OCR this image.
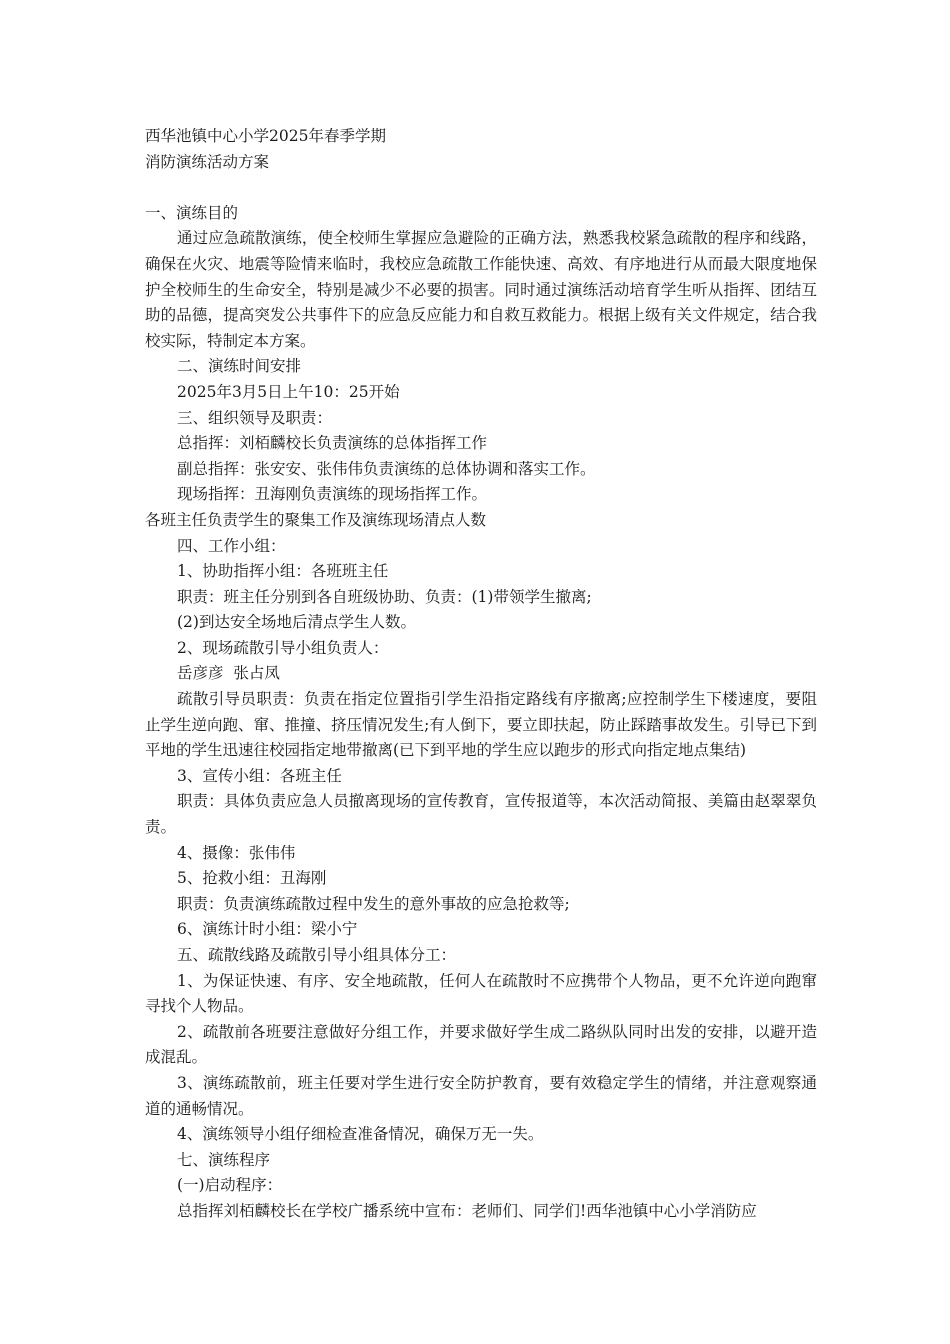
西华池镇中心小学2025年春季学期

消防演练活动方案

一、演练目的

通过应急疏散演练，使全校师生掌握应急避险的正确方法，熟悉我校紧急疏散的程序和线路，确保在火灾、地震等险情来临时，我校应急疏散工作能快速、高效、有序地进行从而最大限度地保护全校师生的生命安全，特别是减少不必要的损害。同时通过演练活动培育学生听从指挥、团结互助的品德，提高突发公共事件下的应急反应能力和自救互救能力。根据上级有关文件规定，结合我校实际，特制定本方案。

二、演练时间安排

2025年3月5日上午10：25开始

三、组织领导及职责：

总指挥：刘栢麟校长负责演练的总体指挥工作

副总指挥：张安安、张伟伟负责演练的总体协调和落实工作。

现场指挥：丑海刚负责演练的现场指挥工作。

各班主任负责学生的聚集工作及演练现场清点人数

四、工作小组：

1、协助指挥小组：各班班主任

职责：班主任分别到各自班级协助、负责：(1)带领学生撤离;

(2)到达安全场地后清点学生人数。

2、现场疏散引导小组负责人：

岳彦彦  张占凤

疏散引导员职责：负责在指定位置指引学生沿指定路线有序撤离;应控制学生下楼速度，要阻止学生逆向跑、窜、推撞、挤压情况发生;有人倒下，要立即扶起，防止踩踏事故发生。引导已下到平地的学生迅速往校园指定地带撤离(已下到平地的学生应以跑步的形式向指定地点集结)

3、宣传小组：各班主任

职责：具体负责应急人员撤离现场的宣传教育，宣传报道等，本次活动简报、美篇由赵翠翠负责。

4、摄像：张伟伟

5、抢救小组：丑海刚

职责：负责演练疏散过程中发生的意外事故的应急抢救等;

6、演练计时小组：梁小宁

五、疏散线路及疏散引导小组具体分工：

1、为保证快速、有序、安全地疏散，任何人在疏散时不应携带个人物品，更不允许逆向跑窜寻找个人物品。

2、疏散前各班要注意做好分组工作，并要求做好学生成二路纵队同时出发的安排，以避开造成混乱。

3、演练疏散前，班主任要对学生进行安全防护教育，要有效稳定学生的情绪，并注意观察通道的通畅情况。

4、演练领导小组仔细检查准备情况，确保万无一失。

七、演练程序

(一)启动程序：

总指挥刘栢麟校长在学校广播系统中宣布：老师们、同学们!西华池镇中心小学消防应
